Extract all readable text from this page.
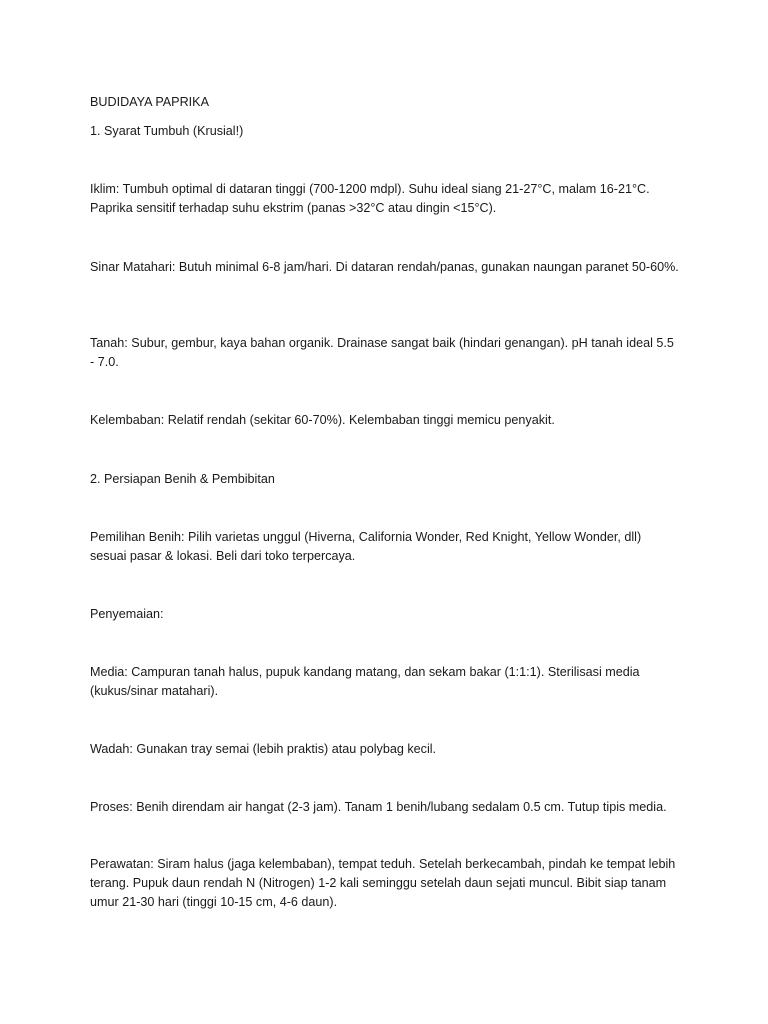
BUDIDAYA PAPRIKA

1. Syarat Tumbuh (Krusial!)

Iklim: Tumbuh optimal di dataran tinggi (700-1200 mdpl). Suhu ideal siang 21-27°C, malam 16-21°C. Paprika sensitif terhadap suhu ekstrim (panas >32°C atau dingin <15°C).

Sinar Matahari: Butuh minimal 6-8 jam/hari. Di dataran rendah/panas, gunakan naungan paranet 50-60%.

Tanah: Subur, gembur, kaya bahan organik. Drainase sangat baik (hindari genangan). pH tanah ideal 5.5 - 7.0.

Kelembaban: Relatif rendah (sekitar 60-70%). Kelembaban tinggi memicu penyakit.

2. Persiapan Benih & Pembibitan

Pemilihan Benih: Pilih varietas unggul (Hiverna, California Wonder, Red Knight, Yellow Wonder, dll) sesuai pasar & lokasi. Beli dari toko terpercaya.

Penyemaian:

Media: Campuran tanah halus, pupuk kandang matang, dan sekam bakar (1:1:1). Sterilisasi media (kukus/sinar matahari).

Wadah: Gunakan tray semai (lebih praktis) atau polybag kecil.

Proses: Benih direndam air hangat (2-3 jam). Tanam 1 benih/lubang sedalam 0.5 cm. Tutup tipis media.

Perawatan: Siram halus (jaga kelembaban), tempat teduh. Setelah berkecambah, pindah ke tempat lebih terang. Pupuk daun rendah N (Nitrogen) 1-2 kali seminggu setelah daun sejati muncul. Bibit siap tanam umur 21-30 hari (tinggi 10-15 cm, 4-6 daun).
